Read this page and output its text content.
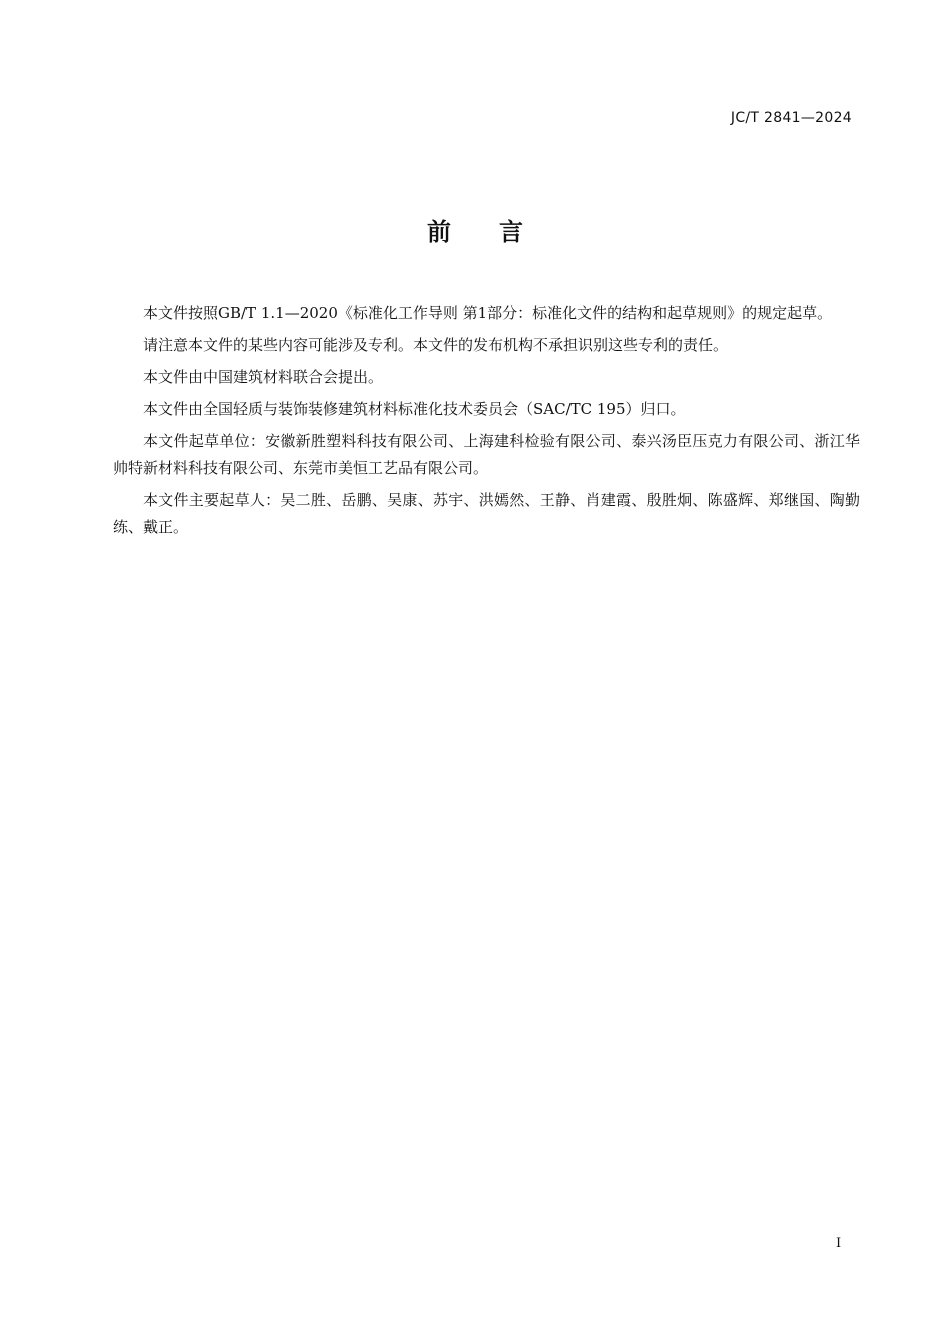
JC/T 2841—2024
前言

本文件按照GB/T 1.1—2020《标准化工作导则 第1部分：标准化文件的结构和起草规则》的规定起草。

请注意本文件的某些内容可能涉及专利。本文件的发布机构不承担识别这些专利的责任。

本文件由中国建筑材料联合会提出。

本文件由全国轻质与装饰装修建筑材料标准化技术委员会（SAC/TC 195）归口。

本文件起草单位：安徽新胜塑料科技有限公司、上海建科检验有限公司、泰兴汤臣压克力有限公司、浙江华帅特新材料科技有限公司、东莞市美恒工艺品有限公司。

本文件主要起草人：吴二胜、岳鹏、吴康、苏宇、洪嫣然、王静、肖建霞、殷胜炯、陈盛辉、郑继国、陶勤练、戴正。

I
